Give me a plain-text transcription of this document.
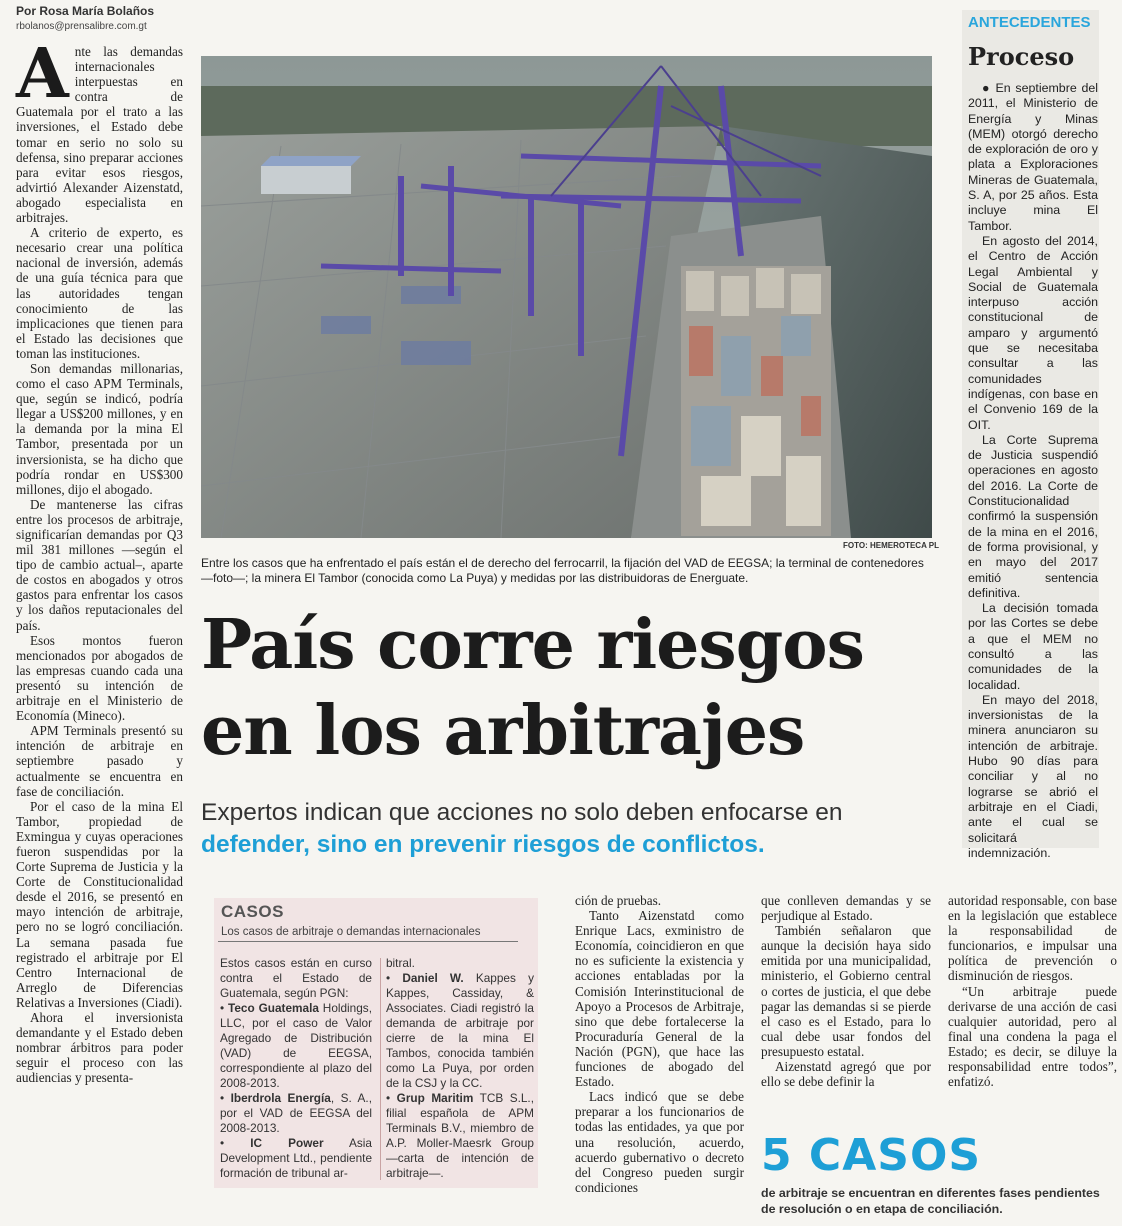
Por Rosa María Bolaños
rbolanos@prensalibre.com.gt

Ante las demandas internacionales interpuestas en contra de Guatemala por el trato a las inversiones, el Estado debe tomar en serio no solo su defensa, sino preparar acciones para evitar esos riesgos, advirtió Alexander Aizenstatd, abogado especialista en arbitrajes.

A criterio de experto, es necesario crear una política nacional de inversión, además de una guía técnica para que las autoridades tengan conocimiento de las implicaciones que tienen para el Estado las decisiones que toman las instituciones.

Son demandas millonarias, como el caso APM Terminals, que, según se indicó, podría llegar a US$200 millones, y en la demanda por la mina El Tambor, presentada por un inversionista, se ha dicho que podría rondar en US$300 millones, dijo el abogado.

De mantenerse las cifras entre los procesos de arbitraje, significarían demandas por Q3 mil 381 millones —según el tipo de cambio actual–, aparte de costos en abogados y otros gastos para enfrentar los casos y los daños reputacionales del país.

Esos montos fueron mencionados por abogados de las empresas cuando cada una presentó su intención de arbitraje en el Ministerio de Economía (Mineco).

APM Terminals presentó su intención de arbitraje en septiembre pasado y actualmente se encuentra en fase de conciliación.

Por el caso de la mina El Tambor, propiedad de Exmingua y cuyas operaciones fueron suspendidas por la Corte Suprema de Justicia y la Corte de Constitucionalidad desde el 2016, se presentó en mayo intención de arbitraje, pero no se logró conciliación. La semana pasada fue registrado el arbitraje por El Centro Internacional de Arreglo de Diferencias Relativas a Inversiones (Ciadi).

Ahora el inversionista demandante y el Estado deben nombrar árbitros para poder seguir el proceso con las audiencias y presenta-

FOTO: HEMEROTECA PL
Entre los casos que ha enfrentado el país están el de derecho del ferrocarril, la fijación del VAD de EEGSA; la terminal de contenedores —foto—; la minera El Tambor (conocida como La Puya) y medidas por las distribuidoras de Energuate.
País corre riesgos
en los arbitrajes
Expertos indican que acciones no solo deben enfocarse en defender, sino en prevenir riesgos de conflictos.
ANTECEDENTES
Proceso

● En septiembre del 2011, el Ministerio de Energía y Minas (MEM) otorgó derecho de exploración de oro y plata a Exploraciones Mineras de Guatemala, S. A, por 25 años. Esta incluye mina El Tambor.

En agosto del 2014, el Centro de Acción Legal Ambiental y Social de Guatemala interpuso acción constitucional de amparo y argumentó que se necesitaba consultar a las comunidades indígenas, con base en el Convenio 169 de la OIT.

La Corte Suprema de Justicia suspendió operaciones en agosto del 2016. La Corte de Constitucionalidad confirmó la suspensión de la mina en el 2016, de forma provisional, y en mayo del 2017 emitió sentencia definitiva.

La decisión tomada por las Cortes se debe a que el MEM no consultó a las comunidades de la localidad.

En mayo del 2018, inversionistas de la minera anunciaron su intención de arbitraje. Hubo 90 días para conciliar y al no lograrse se abrió el arbitraje en el Ciadi, ante el cual se solicitará indemnización.

CASOS
Los casos de arbitraje o demandas internacionales
Estos casos están en curso contra el Estado de Guatemala, según PGN:
• Teco Guatemala Holdings, LLC, por el caso de Valor Agregado de Distribución (VAD) de EEGSA, correspondiente al plazo del 2008-2013.
• Iberdrola Energía, S. A., por el VAD de EEGSA del 2008-2013.
• IC Power Asia Development Ltd., pendiente formación de tribunal ar-
bitral.
• Daniel W. Kappes y Kappes, Cassiday, & Associates. Ciadi registró la demanda de arbitraje por cierre de la mina El Tambos, conocida también como La Puya, por orden de la CSJ y la CC.
• Grup Maritim TCB S.L., filial española de APM Terminals B.V., miembro de A.P. Moller-Maesrk Group —carta de intención de arbitraje—.

ción de pruebas.

Tanto Aizenstatd como Enrique Lacs, exministro de Economía, coincidieron en que no es suficiente la existencia y acciones entabladas por la Comisión Interinstitucional de Apoyo a Procesos de Arbitraje, sino que debe fortalecerse la Procuraduría General de la Nación (PGN), que hace las funciones de abogado del Estado.

Lacs indicó que se debe preparar a los funcionarios de todas las entidades, ya que por una resolución, acuerdo, acuerdo gubernativo o decreto del Congreso pueden surgir condiciones

que conlleven demandas y se perjudique al Estado.

También señalaron que aunque la decisión haya sido emitida por una municipalidad, ministerio, el Gobierno central o cortes de justicia, el que debe pagar las demandas si se pierde el caso es el Estado, para lo cual debe usar fondos del presupuesto estatal.

Aizenstatd agregó que por ello se debe definir la

autoridad responsable, con base en la legislación que establece la responsabilidad de funcionarios, e impulsar una política de prevención o disminución de riesgos.

“Un arbitraje puede derivarse de una acción de casi cualquier autoridad, pero al final una condena la paga el Estado; es decir, se diluye la responsabilidad entre todos”, enfatizó.

5 CASOS
de arbitraje se encuentran en diferentes fases pendientes de resolución o en etapa de conciliación.
